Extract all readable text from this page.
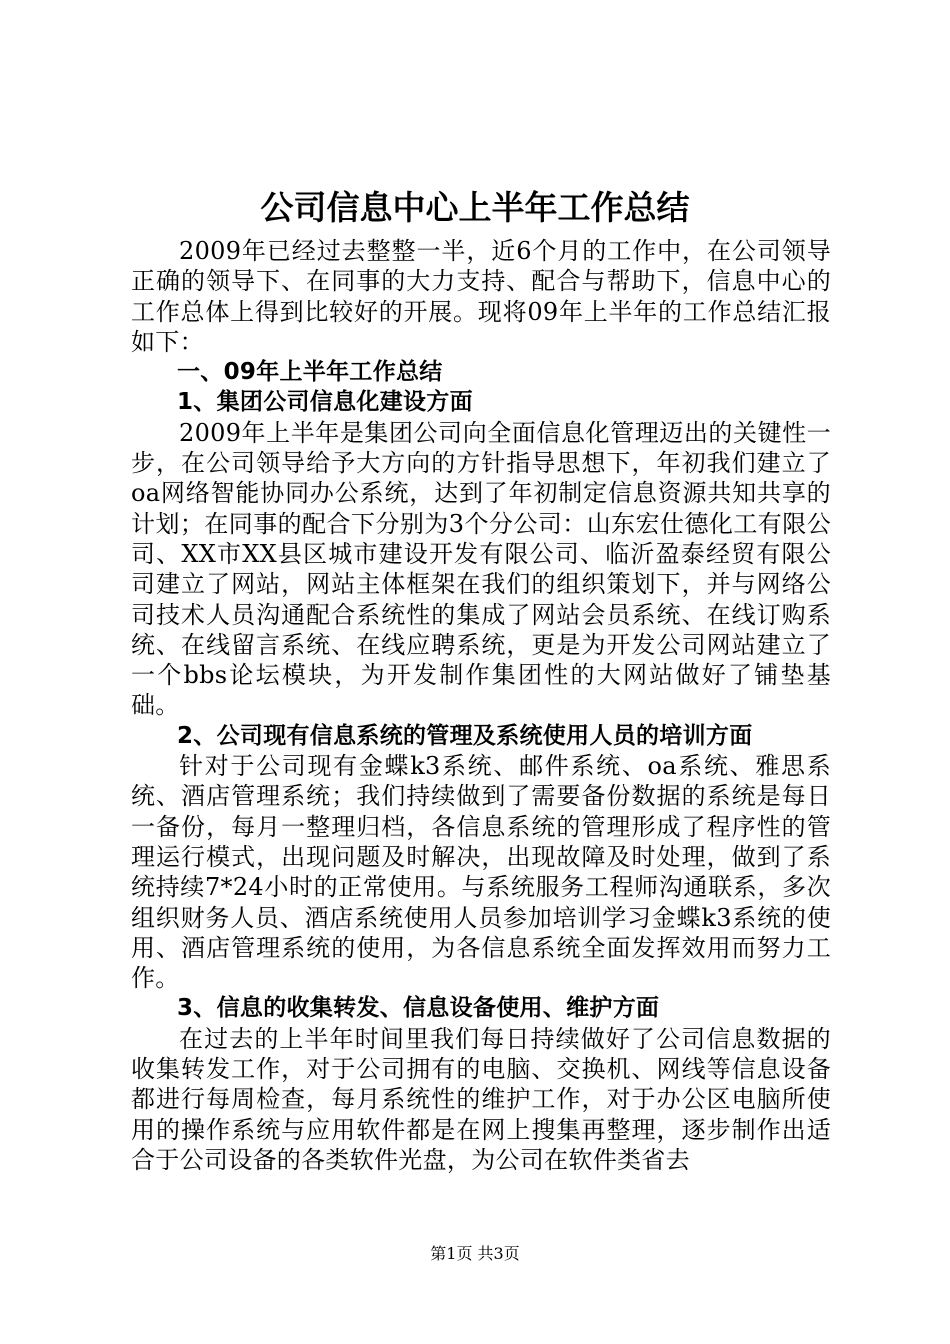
公司信息中心上半年工作总结

2009年已经过去整整一半，近6个月的工作中，在公司领导正确的领导下、在同事的大力支持、配合与帮助下，信息中心的工作总体上得到比较好的开展。现将09年上半年的工作总结汇报如下：

一、09年上半年工作总结
1、集团公司信息化建设方面

2009年上半年是集团公司向全面信息化管理迈出的关键性一步，在公司领导给予大方向的方针指导思想下，年初我们建立了oa网络智能协同办公系统，达到了年初制定信息资源共知共享的计划；在同事的配合下分别为3个分公司：山东宏仕德化工有限公司、XX市XX县区城市建设开发有限公司、临沂盈泰经贸有限公司建立了网站，网站主体框架在我们的组织策划下，并与网络公司技术人员沟通配合系统性的集成了网站会员系统、在线订购系统、在线留言系统、在线应聘系统，更是为开发公司网站建立了一个bbs论坛模块，为开发制作集团性的大网站做好了铺垫基础。

2、公司现有信息系统的管理及系统使用人员的培训方面

针对于公司现有金蝶k3系统、邮件系统、oa系统、雅思系统、酒店管理系统；我们持续做到了需要备份数据的系统是每日一备份，每月一整理归档，各信息系统的管理形成了程序性的管理运行模式，出现问题及时解决，出现故障及时处理，做到了系统持续7*24小时的正常使用。与系统服务工程师沟通联系，多次组织财务人员、酒店系统使用人员参加培训学习金蝶k3系统的使用、酒店管理系统的使用，为各信息系统全面发挥效用而努力工作。

3、信息的收集转发、信息设备使用、维护方面

在过去的上半年时间里我们每日持续做好了公司信息数据的收集转发工作，对于公司拥有的电脑、交换机、网线等信息设备都进行每周检查，每月系统性的维护工作，对于办公区电脑所使用的操作系统与应用软件都是在网上搜集再整理，逐步制作出适合于公司设备的各类软件光盘，为公司在软件类省去

第1页 共3页
